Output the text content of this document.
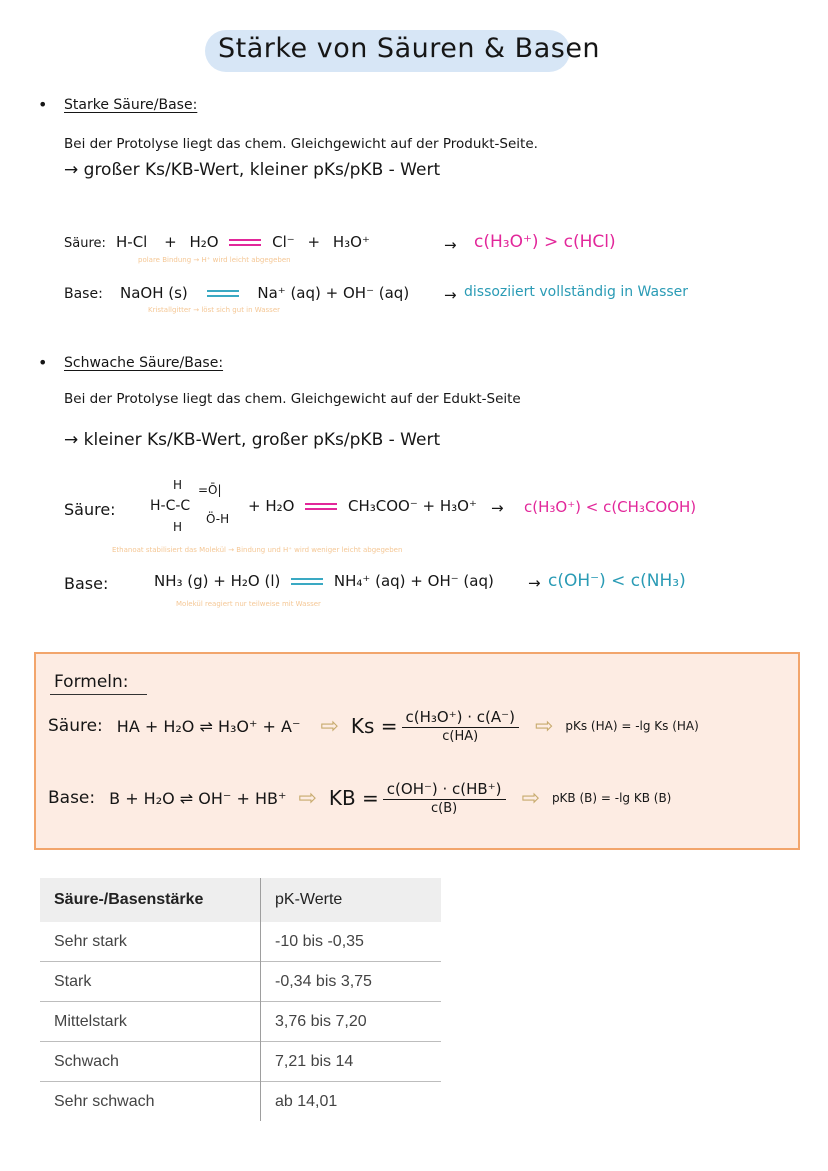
Stärke von Säuren & Basen
• Starke Säure/Base:
Bei der Protolyse liegt das chem. Gleichgewicht auf der Produkt-Seite.
→ großer Ks/KB-Wert, kleiner pKs/pKB - Wert
Säure: H-Cl + H₂O	Cl⁻ + H₃O⁺
polare Bindung → H⁺ wird leicht abgegeben
→ c(H₃O⁺) > c(HCl)
Base: NaOH (s)	Na⁺ (aq) + OH⁻ (aq)
Kristallgitter → löst sich gut in Wasser
→ dissoziiert vollständig in Wasser
• Schwache Säure/Base:
Bei der Protolyse liegt das chem. Gleichgewicht auf der Edukt-Seite
→ kleiner Ks/KB-Wert, großer pKs/pKB - Wert
Säure:
H
H-C-C
H
=Ō|
Ö-H
+ H₂O	CH₃COO⁻ + H₃O⁺
Ethanoat stabilisiert das Molekül → Bindung und H⁺ wird weniger leicht abgegeben
→ c(H₃O⁺) < c(CH₃COOH)
Base:	NH₃ (g) + H₂O (l)	NH₄⁺ (aq) + OH⁻ (aq)
Molekül reagiert nur teilweise mit Wasser
→ c(OH⁻) < c(NH₃)
Formeln:
Säure: HA + H₂O ⇌ H₃O⁺ + A⁻ ⇨ $Ks = \frac{\text{c(H₃O⁺) · c(A⁻)}}{c(HA)}$ ⇨ pKs (HA) = -lg Ks (HA)
Base: B + H₂O ⇌ OH⁻ + HB⁺ ⇨ KB = $\frac{c(OH^-) \cdot c(HB^+)}{c(B)}$ ⇨ pKB (B) = -lg KB (B)
Säure-/Basenstärke	pK-Werte
Sehr stark	-10 bis -0,35
Stark	-0,34 bis 3,75
Mittelstark	3,76 bis 7,20
Schwach	7,21 bis 14
Sehr schwach	ab 14,01
